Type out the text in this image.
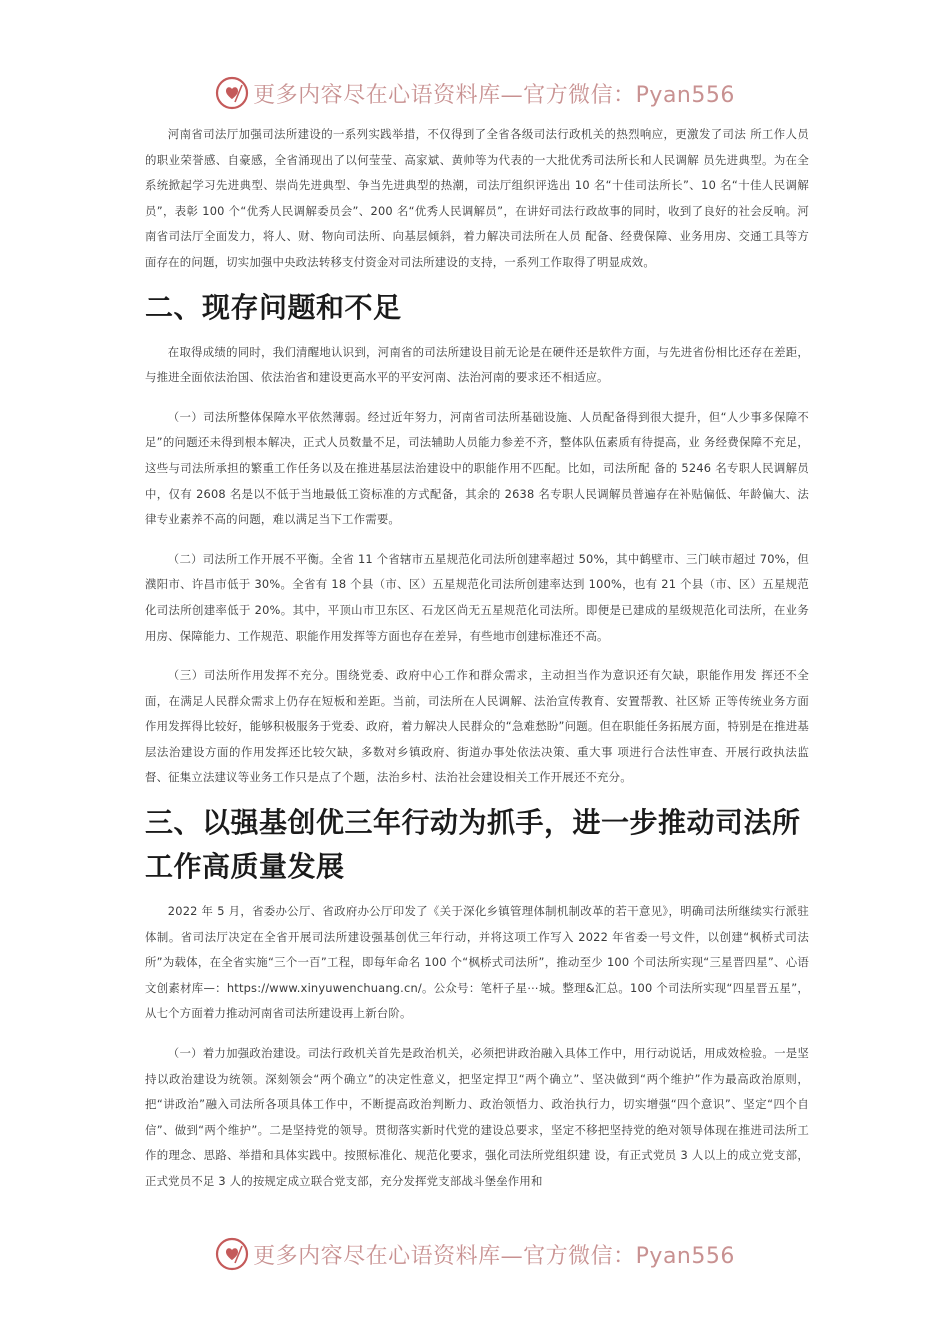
更多内容尽在心语资料库—官方微信：Pyan556

河南省司法厅加强司法所建设的一系列实践举措，不仅得到了全省各级司法行政机关的热烈响应，更激发了司法 所工作人员的职业荣誉感、自豪感，全省涌现出了以何莹莹、高家斌、黄帅等为代表的一大批优秀司法所长和人民调解 员先进典型。为在全系统掀起学习先进典型、崇尚先进典型、争当先进典型的热潮，司法厅组织评选出 10 名“十佳司法所长”、10 名“十佳人民调解员”，表彰 100 个“优秀人民调解委员会”、200 名“优秀人民调解员”，在讲好司法行政故事的同时，收到了良好的社会反响。河南省司法厅全面发力，将人、财、物向司法所、向基层倾斜，着力解决司法所在人员 配备、经费保障、业务用房、交通工具等方面存在的问题，切实加强中央政法转移支付资金对司法所建设的支持，一系列工作取得了明显成效。

二、现存问题和不足

在取得成绩的同时，我们清醒地认识到，河南省的司法所建设目前无论是在硬件还是软件方面，与先进省份相比还存在差距，与推进全面依法治国、依法治省和建设更高水平的平安河南、法治河南的要求还不相适应。

（一）司法所整体保障水平依然薄弱。经过近年努力，河南省司法所基础设施、人员配备得到很大提升，但“人少事多保障不足”的问题还未得到根本解决，正式人员数量不足，司法辅助人员能力参差不齐，整体队伍素质有待提高，业 务经费保障不充足，这些与司法所承担的繁重工作任务以及在推进基层法治建设中的职能作用不匹配。比如，司法所配 备的 5246 名专职人民调解员中，仅有 2608 名是以不低于当地最低工资标准的方式配备，其余的 2638 名专职人民调解员普遍存在补贴偏低、年龄偏大、法律专业素养不高的问题，难以满足当下工作需要。

（二）司法所工作开展不平衡。全省 11 个省辖市五星规范化司法所创建率超过 50%，其中鹤壁市、三门峡市超过 70%，但濮阳市、许昌市低于 30%。全省有 18 个县（市、区）五星规范化司法所创建率达到 100%，也有 21 个县（市、区）五星规范化司法所创建率低于 20%。其中，平顶山市卫东区、石龙区尚无五星规范化司法所。即便是已建成的星级规范化司法所，在业务用房、保障能力、工作规范、职能作用发挥等方面也存在差异，有些地市创建标准还不高。

（三）司法所作用发挥不充分。围绕党委、政府中心工作和群众需求，主动担当作为意识还有欠缺，职能作用发 挥还不全面，在满足人民群众需求上仍存在短板和差距。当前，司法所在人民调解、法治宣传教育、安置帮教、社区矫 正等传统业务方面作用发挥得比较好，能够积极服务于党委、政府，着力解决人民群众的“急难愁盼”问题。但在职能任务拓展方面，特别是在推进基层法治建设方面的作用发挥还比较欠缺，多数对乡镇政府、街道办事处依法决策、重大事 项进行合法性审查、开展行政执法监督、征集立法建议等业务工作只是点了个题，法治乡村、法治社会建设相关工作开展还不充分。

三、以强基创优三年行动为抓手，进一步推动司法所工作高质量发展

2022 年 5 月，省委办公厅、省政府办公厅印发了《关于深化乡镇管理体制机制改革的若干意见》，明确司法所继续实行派驻体制。省司法厅决定在全省开展司法所建设强基创优三年行动，并将这项工作写入 2022 年省委一号文件，以创建“枫桥式司法所”为载体，在全省实施“三个一百”工程，即每年命名 100 个“枫桥式司法所”，推动至少 100 个司法所实现“三星晋四星”、心语文创素材库—：https://www.xinyuwenchuang.cn/。公众号：笔杆子星⋯城。整理&汇总。100 个司法所实现“四星晋五星”，从七个方面着力推动河南省司法所建设再上新台阶。

（一）着力加强政治建设。司法行政机关首先是政治机关，必须把讲政治融入具体工作中，用行动说话，用成效检验。一是坚持以政治建设为统领。深刻领会“两个确立”的决定性意义，把坚定捍卫“两个确立”、坚决做到“两个维护”作为最高政治原则，把“讲政治”融入司法所各项具体工作中，不断提高政治判断力、政治领悟力、政治执行力，切实增强“四个意识”、坚定“四个自信”、做到“两个维护”。二是坚持党的领导。贯彻落实新时代党的建设总要求，坚定不移把坚持党的绝对领导体现在推进司法所工作的理念、思路、举措和具体实践中。按照标准化、规范化要求，强化司法所党组织建 设，有正式党员 3 人以上的成立党支部，正式党员不足 3 人的按规定成立联合党支部，充分发挥党支部战斗堡垒作用和

更多内容尽在心语资料库—官方微信：Pyan556
